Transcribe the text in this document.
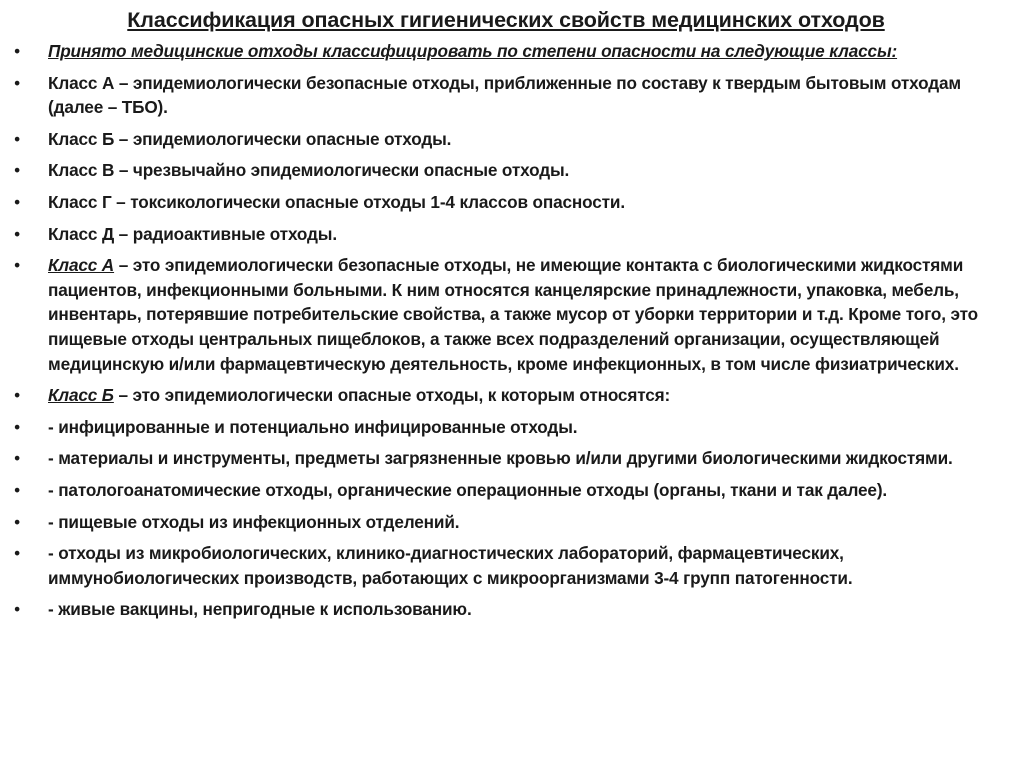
Классификация опасных гигиенических свойств медицинских отходов
• Принято медицинские отходы классифицировать по степени опасности на следующие классы:
• Класс А – эпидемиологически безопасные отходы, приближенные по составу к твердым бытовым отходам (далее – ТБО).
• Класс Б – эпидемиологически опасные отходы.
• Класс В – чрезвычайно эпидемиологически опасные отходы.
• Класс Г – токсикологически опасные отходы 1-4 классов опасности.
• Класс Д – радиоактивные отходы.
• Класс А – это эпидемиологически безопасные отходы, не имеющие контакта с биологическими жидкостями пациентов, инфекционными больными. К ним относятся канцелярские принадлежности, упаковка, мебель, инвентарь, потерявшие потребительские свойства, а также мусор от уборки территории и т.д. Кроме того, это пищевые отходы центральных пищеблоков, а также всех подразделений организации, осуществляющей медицинскую и/или фармацевтическую деятельность, кроме инфекционных, в том числе физиатрических.
• Класс Б – это эпидемиологически опасные отходы, к которым относятся:
• - инфицированные и потенциально инфицированные отходы.
• - материалы и инструменты, предметы загрязненные кровью и/или другими биологическими жидкостями.
• - патологоанатомические отходы, органические операционные отходы (органы, ткани и так далее).
• - пищевые отходы из инфекционных отделений.
• - отходы из микробиологических, клинико-диагностических лабораторий, фармацевтических, иммунобиологических производств, работающих с микроорганизмами 3-4 групп патогенности.
• - живые вакцины, непригодные к использованию.
